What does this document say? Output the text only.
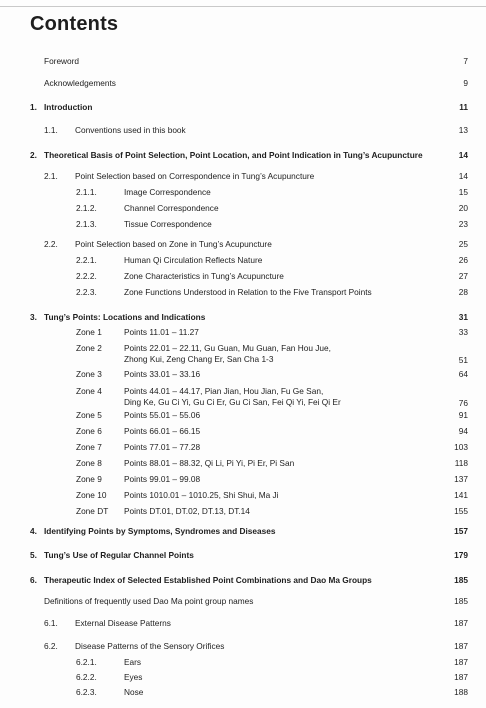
Contents
Foreword	7
Acknowledgements	9
1. Introduction	11
1.1. Conventions used in this book	13
2. Theoretical Basis of Point Selection, Point Location, and Point Indication in Tung’s Acupuncture	14
2.1. Point Selection based on Correspondence in Tung’s Acupuncture	14
2.1.1.	Image Correspondence	15
2.1.2.	Channel Correspondence	20
2.1.3.	Tissue Correspondence	23
2.2. Point Selection based on Zone in Tung’s Acupuncture	25
2.2.1.	Human Qi Circulation Reflects Nature	26
2.2.2.	Zone Characteristics in Tung’s Acupuncture	27
2.2.3.	Zone Functions Understood in Relation to the Five Transport Points	28
3. Tung’s Points: Locations and Indications	31
Zone 1	Points 11.01 – 11.27	33
Zone 2	Points 22.01 – 22.11, Gu Guan, Mu Guan, Fan Hou Jue,
Zhong Kui, Zeng Chang Er, San Cha 1-3	51
Zone 3	Points 33.01 – 33.16	64
Zone 4	Points 44.01 – 44.17, Pian Jian, Hou Jian, Fu Ge San,
Ding Ke, Gu Ci Yi, Gu Ci Er, Gu Ci San, Fei Qi Yi, Fei Qi Er	76
Zone 5	Points 55.01 – 55.06	91
Zone 6	Points 66.01 – 66.15	94
Zone 7	Points 77.01 – 77.28	103
Zone 8	Points 88.01 – 88.32, Qi Li, Pi Yi, Pi Er, Pi San	118
Zone 9	Points 99.01 – 99.08	137
Zone 10 Points 1010.01 – 1010.25, Shi Shui, Ma Ji	141
Zone DT Points DT.01, DT.02, DT.13, DT.14	155
4. Identifying Points by Symptoms, Syndromes and Diseases	157
5. Tung’s Use of Regular Channel Points	179
6. Therapeutic Index of Selected Established Point Combinations and Dao Ma Groups	185
Definitions of frequently used Dao Ma point group names	185
6.1. External Disease Patterns	187
6.2. Disease Patterns of the Sensory Orifices	187
6.2.1.	Ears	187
6.2.2.	Eyes	187
6.2.3.	Nose	188
